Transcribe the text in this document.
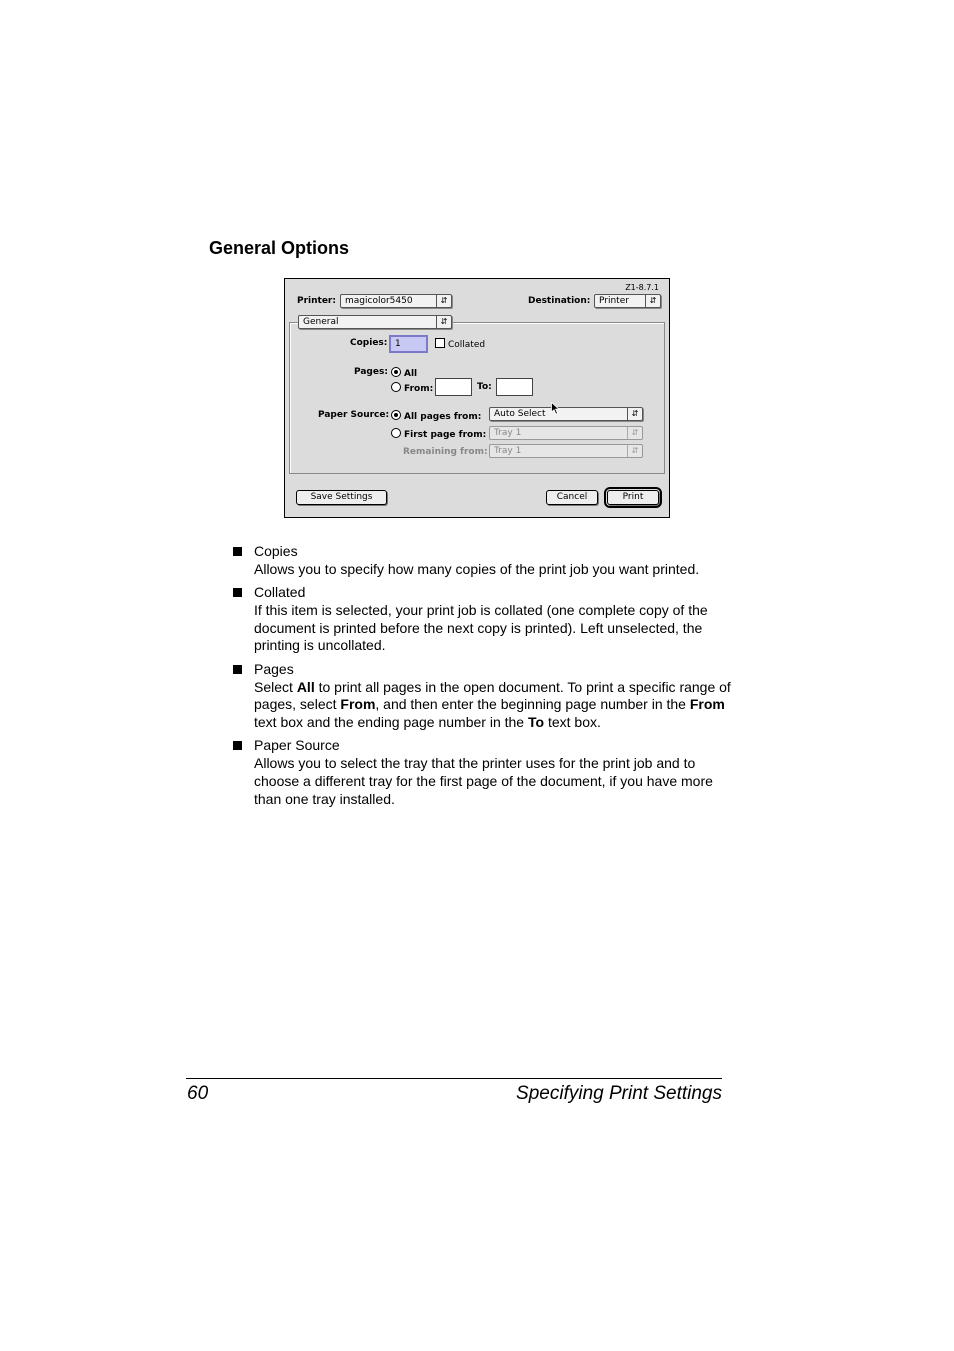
General Options
Z1-8.7.1
Printer:	magicolor5450	⇵	Destination: Printer	⇵
General	⇵
Copies: 1	Collated
Pages:	All
From:	To:
Paper Source:	All pages from:	Auto Select	⇵
First page from: Tray 1	⇵
Remaining from: Tray 1	⇵
Save Settings	Cancel	Print
Copies
Allows you to specify how many copies of the print job you want printed.
Collated
If this item is selected, your print job is collated (one complete copy of the document is printed before the next copy is printed). Left unselected, the printing is uncollated.
Pages
Select All to print all pages in the open document. To print a specific range of pages, select From, and then enter the beginning page number in the From text box and the ending page number in the To text box.
Paper Source
Allows you to select the tray that the printer uses for the print job and to choose a different tray for the first page of the document, if you have more than one tray installed.
60	Specifying Print Settings
